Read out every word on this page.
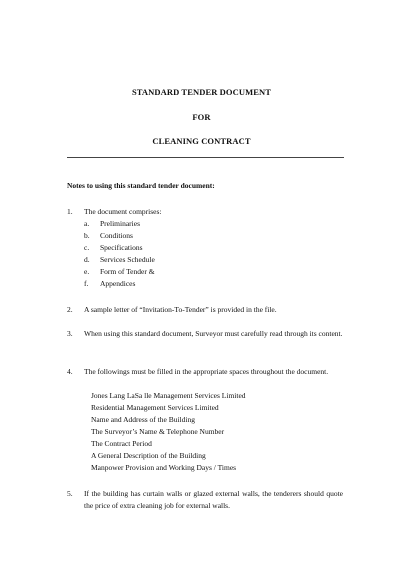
STANDARD TENDER DOCUMENT
FOR
CLEANING CONTRACT
Notes to using this standard tender document:
1. The document comprises:
a. Preliminaries
b. Conditions
c. Specifications
d. Services Schedule
e. Form of Tender &
f. Appendices
2. A sample letter of “Invitation-To-Tender” is provided in the file.
3. When using this standard document, Surveyor must carefully read through its content.
4. The followings must be filled in the appropriate spaces throughout the document.
Jones Lang LaSa lle Management Services Limited
Residential Management Services Limited
Name and Address of the Building
The Surveyor’s Name & Telephone Number
The Contract Period
A General Description of the Building
Manpower Provision and Working Days / Times
5. If the building has curtain walls or glazed external walls, the tenderers should quote the price of extra cleaning job for external walls.
